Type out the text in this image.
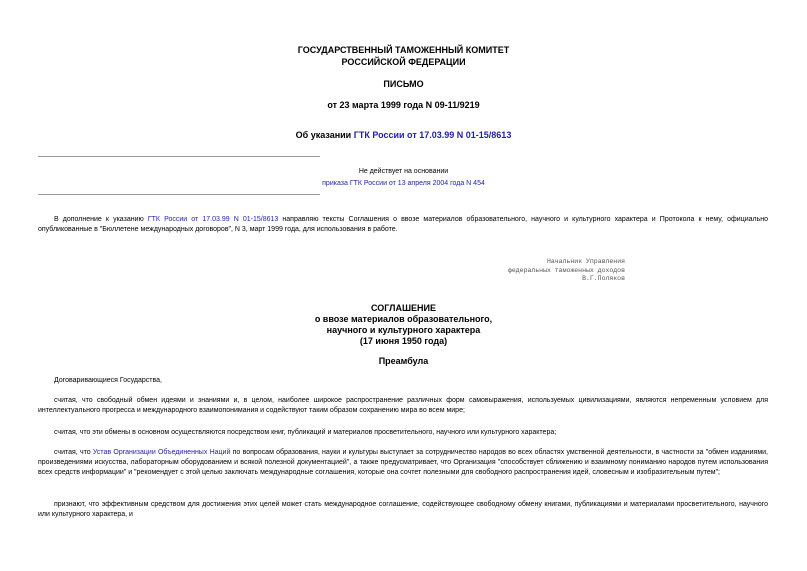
ГОСУДАРСТВЕННЫЙ ТАМОЖЕННЫЙ КОМИТЕТ
РОССИЙСКОЙ ФЕДЕРАЦИИ
ПИСЬМО
от 23 марта 1999 года N 09-11/9219
Об указании ГТК России от 17.03.99 N 01-15/8613
Не действует на основании
приказа ГТК России от 13 апреля 2004 года N 454
В дополнение к указанию ГТК России от 17.03.99 N 01-15/8613 направляю тексты Соглашения о ввозе материалов образовательного, научного и культурного характера и Протокола к нему, официально опубликованные в "Бюллетене международных договоров", N 3, март 1999 года, для использования в работе.
Начальник Управления
федеральных таможенных доходов
В.Г.Поляков
СОГЛАШЕНИЕ
о ввозе материалов образовательного,
научного и культурного характера
(17 июня 1950 года)
Преамбула
Договаривающиеся Государства,
считая, что свободный обмен идеями и знаниями и, в целом, наиболее широкое распространение различных форм самовыражения, используемых цивилизациями, являются непременным условием для интеллектуального прогресса и международного взаимопонимания и содействуют таким образом сохранению мира во всем мире;
считая, что эти обмены в основном осуществляются посредством книг, публикаций и материалов просветительного, научного или культурного характера;
считая, что Устав Организации Объединенных Наций по вопросам образования, науки и культуры выступает за сотрудничество народов во всех областях умственной деятельности, в частности за "обмен изданиями, произведениями искусства, лабораторным оборудованием и всякой полезной документацией", а также предусматривает, что Организация "способствует сближению и взаимному пониманию народов путем использования всех средств информации" и "рекомендует с этой целью заключать международные соглашения, которые она сочтет полезными для свободного распространения идей, словесным и изобразительным путем";
признают, что эффективным средством для достижения этих целей может стать международное соглашение, содействующее свободному обмену книгами, публикациями и материалами просветительного, научного или культурного характера, и
